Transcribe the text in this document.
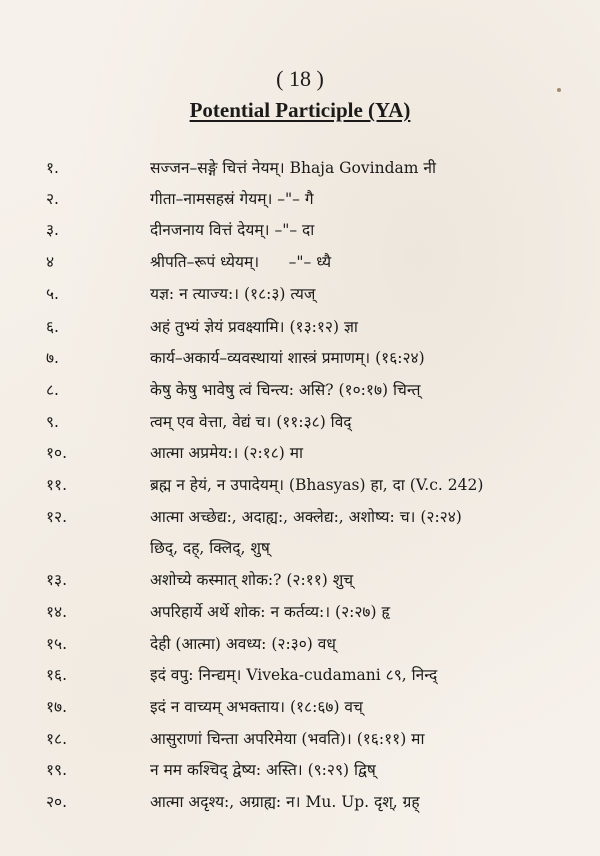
( 18 )
Potential Participle (YA)
१.	सज्जन–सङ्गे चित्तं नेयम्। Bhaja Govindam नी
२.	गीता–नामसहस्रं गेयम्। –"– गै
३.	दीनजनाय वित्तं देयम्। –"– दा
४	श्रीपति–रूपं ध्येयम्।      –"– ध्यै
५.	यज्ञ: न त्याज्य:। (१८:३) त्यज्
६.	अहं तुभ्यं ज्ञेयं प्रवक्ष्यामि। (१३:१२) ज्ञा
७.	कार्य–अकार्य–व्यवस्थायां शास्त्रं प्रमाणम्। (१६:२४)
८.	केषु केषु भावेषु त्वं चिन्त्य: असि? (१०:१७) चिन्त्
९.	त्वम् एव वेत्ता, वेद्यं च। (११:३८) विद्
१०.	आत्मा अप्रमेय:। (२:१८) मा
११.	ब्रह्म न हेयं, न उपादेयम्। (Bhasyas) हा, दा (V.c. 242)
१२.	आत्मा अच्छेद्य:, अदाह्य:, अक्लेद्य:, अशोष्य: च। (२:२४)
छिद्, दह्, क्लिद्, शुष्
१३.	अशोच्ये कस्मात् शोक:? (२:११) शुच्
१४.	अपरिहार्ये अर्थे शोक: न कर्तव्य:। (२:२७) हृ
१५.	देही (आत्मा) अवध्य: (२:३०) वध्
१६.	इदं वपु: निन्द्यम्। Viveka-cudamani ८९, निन्द्
१७.	इदं न वाच्यम् अभक्ताय। (१८:६७) वच्
१८.	आसुराणां चिन्ता अपरिमेया (भवति)। (१६:११) मा
१९.	न मम कश्चिद् द्वेष्य: अस्ति। (९:२९) द्विष्
२०.	आत्मा अदृश्य:, अग्राह्य: न। Mu. Up. दृश्, ग्रह्
